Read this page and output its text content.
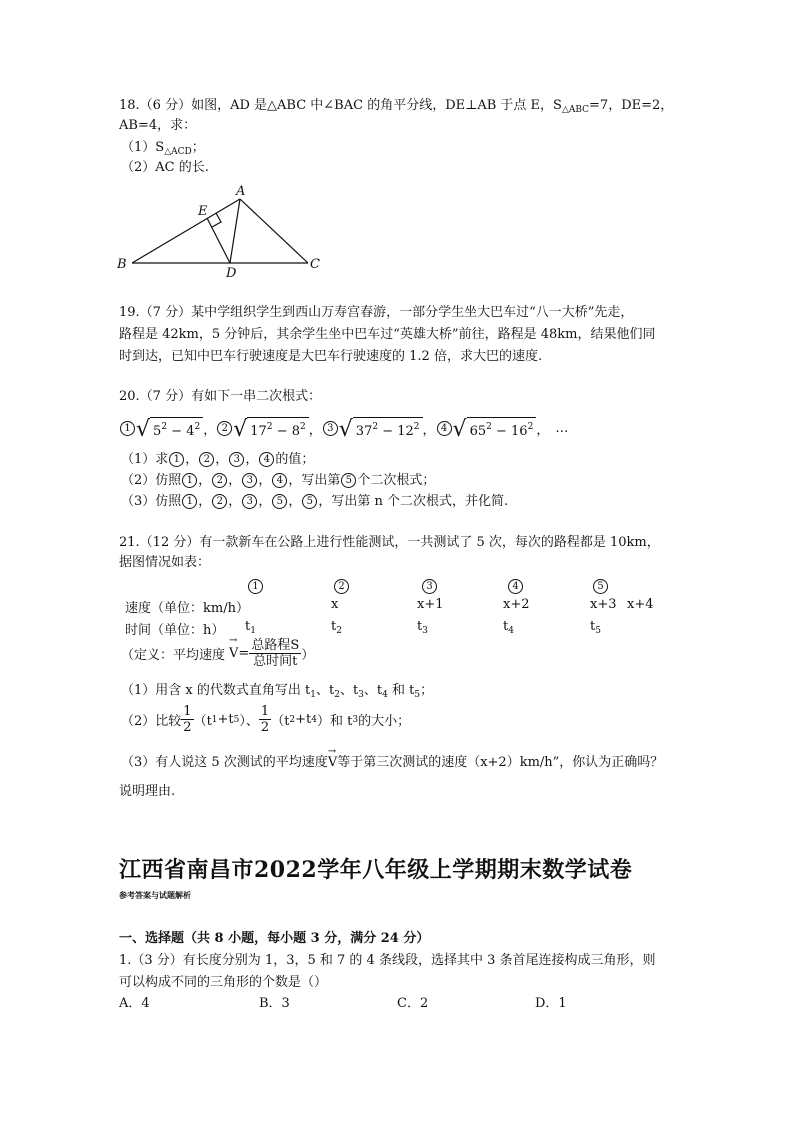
18.（6 分）如图，AD 是△ABC 中∠BAC 的角平分线，DE⊥AB 于点 E，$S_{\triangle ABC}=7$，DE=2，
AB=4，求：
$(1)S_{\triangle ACD}$；
（2）AC 的长.
A
B	C
D
E
19.（7 分）某中学组织学生到西山万寿宫春游，一部分学生坐大巴车过“八一大桥”先走，
路程是 42km，5 分钟后，其余学生坐中巴车过“英雄大桥”前往，路程是 48km，结果他们同
时到达，已知中巴车行驶速度是大巴车行驶速度的 1.2 倍，求大巴的速度.
20.（7 分）有如下一串二次根式：
1 √ $5^2 - 4^2$ ， 2 √ $17^2 - 8^2$ ， 3 √ $37^2 - 12^2$ ， 4 √ $65^2 - 16^2$ ， …
（1）求 1 ， 2 ， 3 ， 4 的值；
（2）仿照 1 ， 2 ， 3 ， 4 ，写出第 5 个二次根式；
（3）仿照 1 ， 2 ， 3 ， 5 ， 5 ，写出第 n 个二次根式，并化简.
21.（12 分）有一款新车在公路上进行性能测试，一共测试了 5 次，每次的路程都是 10km，
据图情况如表：
1	2	3	4	5
速度（单位：km/h）	x	x+1	x+2	x+3 x+4
时间（单位：h） $t_1$	$t_2$	$t_3$	$t_4$	$t_5$
（定义：平均速度
→ $V = \frac{\text{总路程S}}{\text{总时间t}}$ ）
（1）用含 x 的代数式直角写出 $t_1$、$t_2$、$t_3$、$t_4$ 和 $t_5$；
（2）比较 $\frac{1}{2} (t$ 1 +t 5 ）、 $\frac{1}{2} (t$ 2 +t 4 ）和 t 3 的大小；
（3）有人说这 5 次测试的平均速度→ V等于第三次测试的速度（x+2）km/h”，你认为正确吗？
说明理由.
江西省南昌市2022学年八年级上学期期末数学试卷
参考答案与试题解析
一、选择题（共 8 小题，每小题 3 分，满分 24 分）
1.（3 分）有长度分别为 1，3，5 和 7 的 4 条线段，选择其中 3 条首尾连接构成三角形，则
可以构成不同的三角形的个数是（）
A．4	B．3	C．2	D．1
